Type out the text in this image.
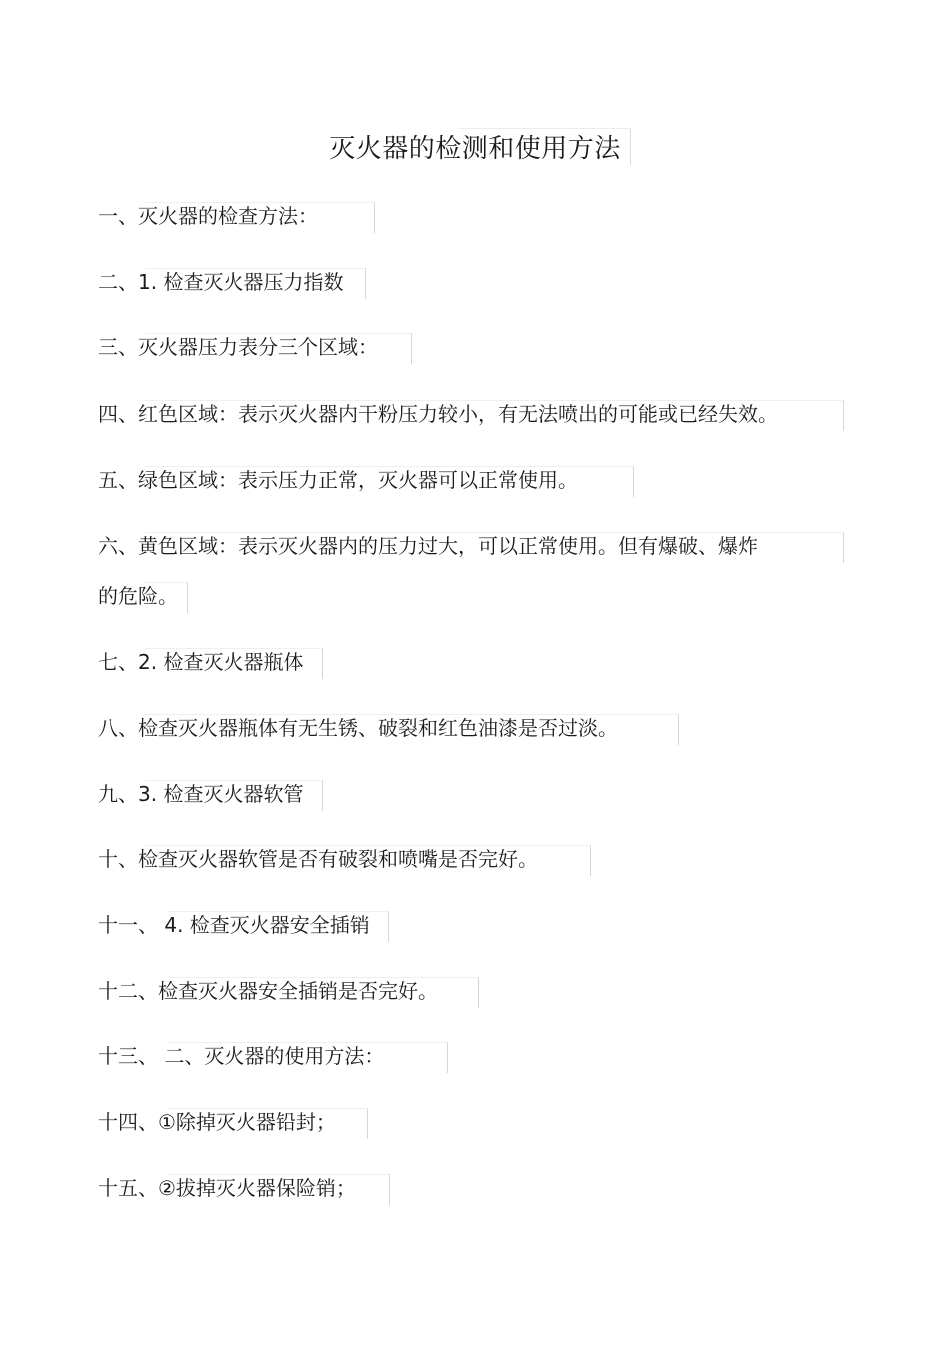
灭火器的检测和使用方法
一、灭火器的检查方法：
二、1. 检查灭火器压力指数
三、灭火器压力表分三个区域：
四、红色区域：表示灭火器内干粉压力较小，有无法喷出的可能或已经失效。
五、绿色区域：表示压力正常，灭火器可以正常使用。
六、黄色区域：表示灭火器内的压力过大，可以正常使用。但有爆破、爆炸
的危险。
七、2. 检查灭火器瓶体
八、检查灭火器瓶体有无生锈、破裂和红色油漆是否过淡。
九、3. 检查灭火器软管
十、检查灭火器软管是否有破裂和喷嘴是否完好。
十一、 4. 检查灭火器安全插销
十二、检查灭火器安全插销是否完好。
十三、 二、灭火器的使用方法：
十四、①除掉灭火器铅封；
十五、②拔掉灭火器保险销；
